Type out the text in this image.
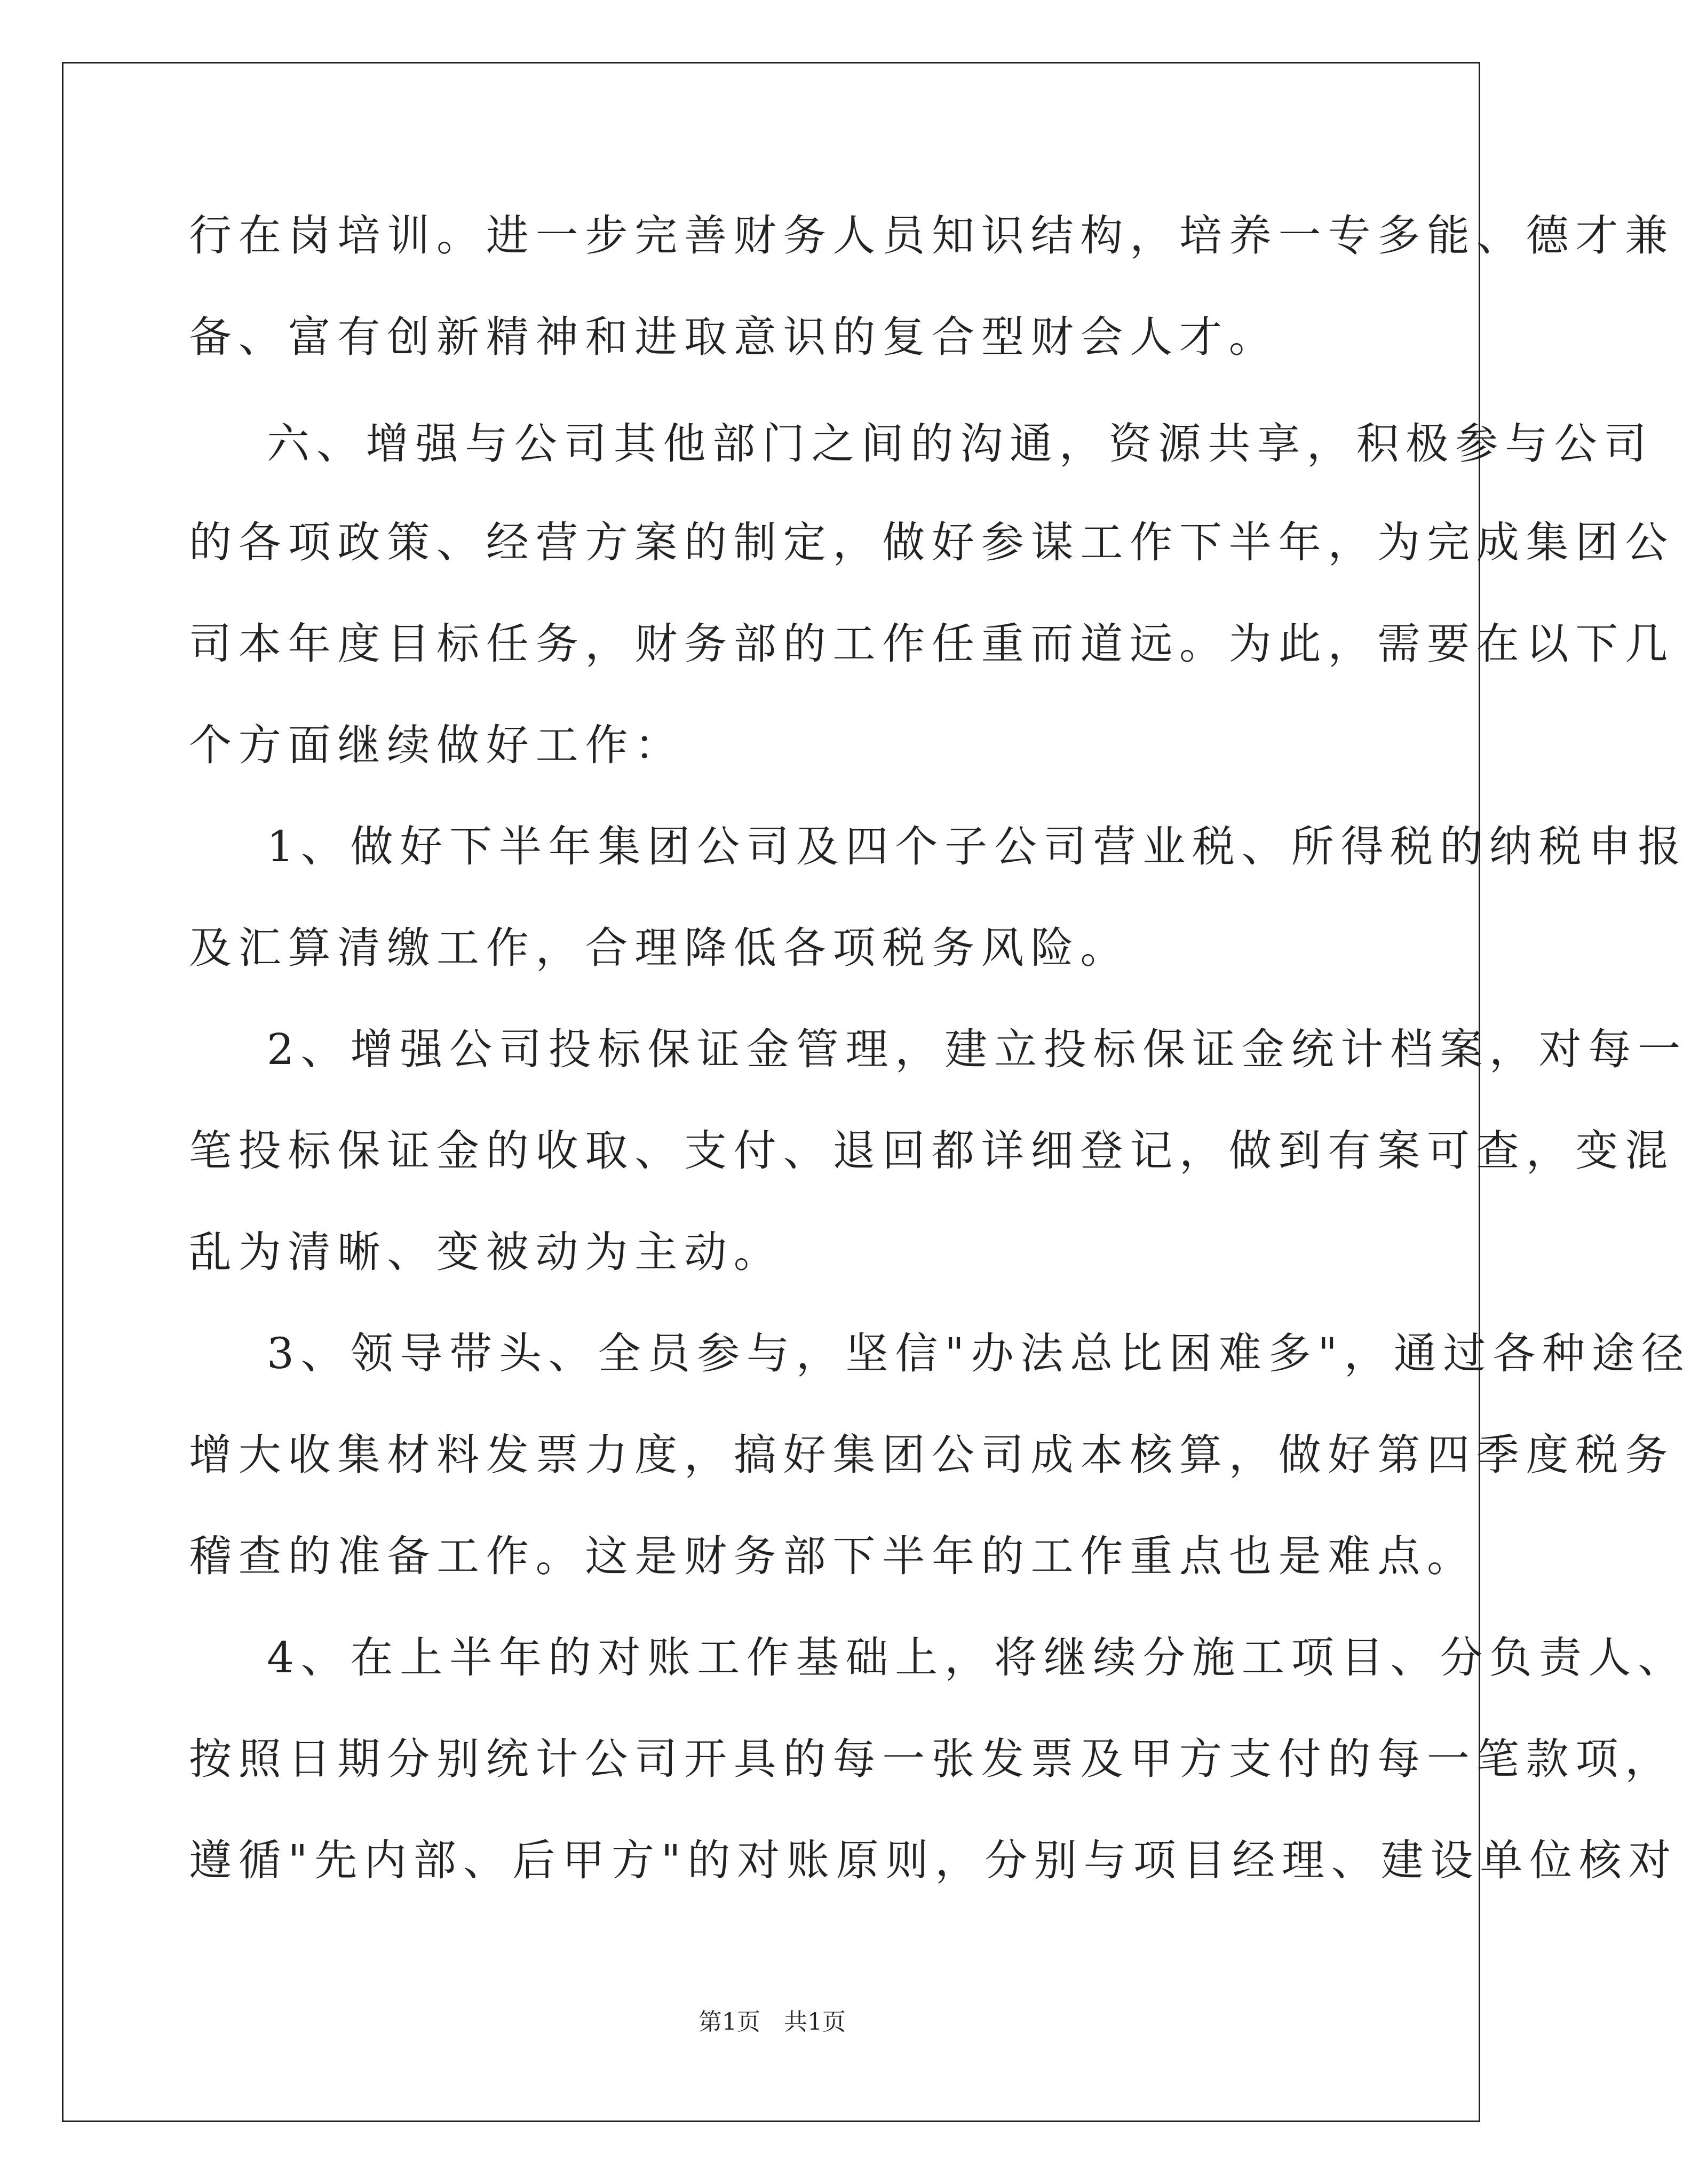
行在岗培训。进一步完善财务人员知识结构，培养一专多能、德才兼

备、富有创新精神和进取意识的复合型财会人才。

六、增强与公司其他部门之间的沟通，资源共享，积极参与公司

的各项政策、经营方案的制定，做好参谋工作下半年，为完成集团公

司本年度目标任务，财务部的工作任重而道远。为此，需要在以下几

个方面继续做好工作：

1、做好下半年集团公司及四个子公司营业税、所得税的纳税申报

及汇算清缴工作，合理降低各项税务风险。

2、增强公司投标保证金管理，建立投标保证金统计档案，对每一

笔投标保证金的收取、支付、退回都详细登记，做到有案可查，变混

乱为清晰、变被动为主动。

3、领导带头、全员参与，坚信"办法总比困难多"，通过各种途径

增大收集材料发票力度，搞好集团公司成本核算，做好第四季度税务

稽查的准备工作。这是财务部下半年的工作重点也是难点。

4、在上半年的对账工作基础上，将继续分施工项目、分负责人、

按照日期分别统计公司开具的每一张发票及甲方支付的每一笔款项，

遵循"先内部、后甲方"的对账原则，分别与项目经理、建设单位核对

第1页　共1页
